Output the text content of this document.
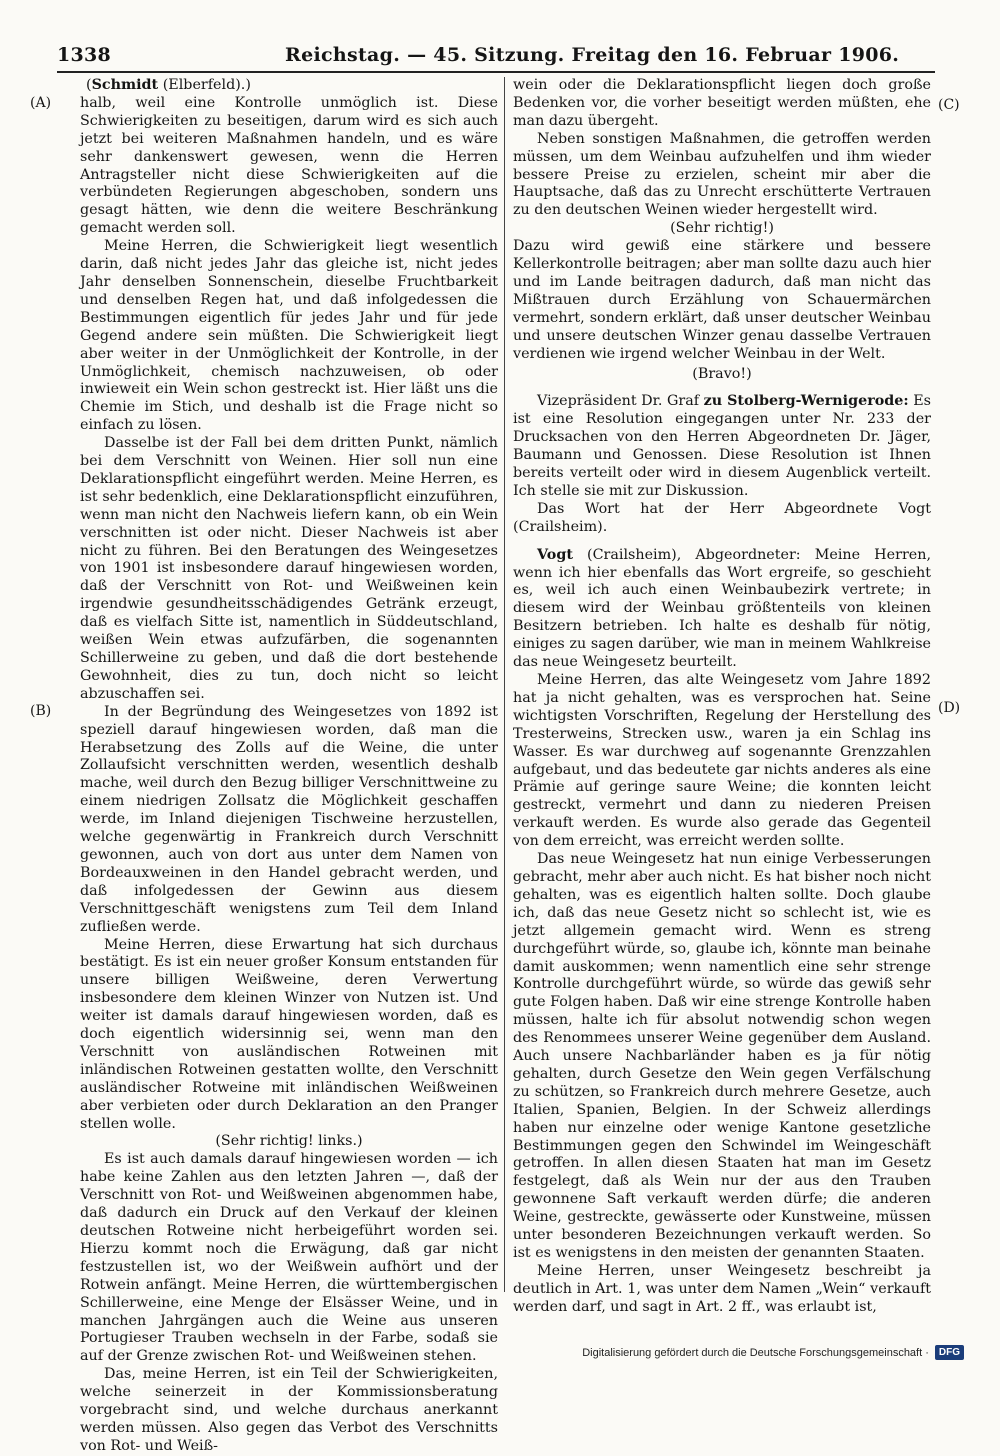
1338	Reichstag. — 45. Sitzung. Freitag den 16. Februar 1906.
(A)
(B)
(C)
(D)

(Schmidt (Elberfeld).)

halb, weil eine Kontrolle unmöglich ist. Diese Schwierigkeiten zu beseitigen, darum wird es sich auch jetzt bei weiteren Maßnahmen handeln, und es wäre sehr dankenswert gewesen, wenn die Herren Antragsteller nicht diese Schwierigkeiten auf die verbündeten Regierungen abgeschoben, sondern uns gesagt hätten, wie denn die weitere Beschränkung gemacht werden soll.

Meine Herren, die Schwierigkeit liegt wesentlich darin, daß nicht jedes Jahr das gleiche ist, nicht jedes Jahr denselben Sonnenschein, dieselbe Fruchtbarkeit und denselben Regen hat, und daß infolgedessen die Bestimmungen eigentlich für jedes Jahr und für jede Gegend andere sein müßten. Die Schwierigkeit liegt aber weiter in der Unmöglichkeit der Kontrolle, in der Unmöglichkeit, chemisch nachzuweisen, ob oder inwieweit ein Wein schon gestreckt ist. Hier läßt uns die Chemie im Stich, und deshalb ist die Frage nicht so einfach zu lösen.

Dasselbe ist der Fall bei dem dritten Punkt, nämlich bei dem Verschnitt von Weinen. Hier soll nun eine Deklarationspflicht eingeführt werden. Meine Herren, es ist sehr bedenklich, eine Deklarationspflicht einzuführen, wenn man nicht den Nachweis liefern kann, ob ein Wein verschnitten ist oder nicht. Dieser Nachweis ist aber nicht zu führen. Bei den Beratungen des Weingesetzes von 1901 ist insbesondere darauf hingewiesen worden, daß der Verschnitt von Rot- und Weißweinen kein irgendwie gesundheitsschädigendes Getränk erzeugt, daß es vielfach Sitte ist, namentlich in Süddeutschland, weißen Wein etwas aufzufärben, die sogenannten Schillerweine zu geben, und daß die dort bestehende Gewohnheit, dies zu tun, doch nicht so leicht abzuschaffen sei.

In der Begründung des Weingesetzes von 1892 ist speziell darauf hingewiesen worden, daß man die Herabsetzung des Zolls auf die Weine, die unter Zollaufsicht verschnitten werden, wesentlich deshalb mache, weil durch den Bezug billiger Verschnittweine zu einem niedrigen Zollsatz die Möglichkeit geschaffen werde, im Inland diejenigen Tischweine herzustellen, welche gegenwärtig in Frankreich durch Verschnitt gewonnen, auch von dort aus unter dem Namen von Bordeauxweinen in den Handel gebracht werden, und daß infolgedessen der Gewinn aus diesem Verschnittgeschäft wenigstens zum Teil dem Inland zufließen werde.

Meine Herren, diese Erwartung hat sich durchaus bestätigt. Es ist ein neuer großer Konsum entstanden für unsere billigen Weißweine, deren Verwertung insbesondere dem kleinen Winzer von Nutzen ist. Und weiter ist damals darauf hingewiesen worden, daß es doch eigentlich widersinnig sei, wenn man den Verschnitt von ausländischen Rotweinen mit inländischen Rotweinen gestatten wollte, den Verschnitt ausländischer Rotweine mit inländischen Weißweinen aber verbieten oder durch Deklaration an den Pranger stellen wolle.

(Sehr richtig! links.)

Es ist auch damals darauf hingewiesen worden — ich habe keine Zahlen aus den letzten Jahren —, daß der Verschnitt von Rot- und Weißweinen abgenommen habe, daß dadurch ein Druck auf den Verkauf der kleinen deutschen Rotweine nicht herbeigeführt worden sei. Hierzu kommt noch die Erwägung, daß gar nicht festzustellen ist, wo der Weißwein aufhört und der Rotwein anfängt. Meine Herren, die württembergischen Schillerweine, eine Menge der Elsässer Weine, und in manchen Jahrgängen auch die Weine aus unseren Portugieser Trauben wechseln in der Farbe, sodaß sie auf der Grenze zwischen Rot- und Weißweinen stehen.

Das, meine Herren, ist ein Teil der Schwierigkeiten, welche seinerzeit in der Kommissionsberatung vorgebracht sind, und welche durchaus anerkannt werden müssen. Also gegen das Verbot des Verschnitts von Rot- und Weiß-

wein oder die Deklarationspflicht liegen doch große Bedenken vor, die vorher beseitigt werden müßten, ehe man dazu übergeht.

Neben sonstigen Maßnahmen, die getroffen werden müssen, um dem Weinbau aufzuhelfen und ihm wieder bessere Preise zu erzielen, scheint mir aber die Hauptsache, daß das zu Unrecht erschütterte Vertrauen zu den deutschen Weinen wieder hergestellt wird.

(Sehr richtig!)

Dazu wird gewiß eine stärkere und bessere Kellerkontrolle beitragen; aber man sollte dazu auch hier und im Lande beitragen dadurch, daß man nicht das Mißtrauen durch Erzählung von Schauermärchen vermehrt, sondern erklärt, daß unser deutscher Weinbau und unsere deutschen Winzer genau dasselbe Vertrauen verdienen wie irgend welcher Weinbau in der Welt.

(Bravo!)

Vizepräsident Dr. Graf zu Stolberg-Wernigerode: Es ist eine Resolution eingegangen unter Nr. 233 der Drucksachen von den Herren Abgeordneten Dr. Jäger, Baumann und Genossen. Diese Resolution ist Ihnen bereits verteilt oder wird in diesem Augenblick verteilt. Ich stelle sie mit zur Diskussion.

Das Wort hat der Herr Abgeordnete Vogt (Crailsheim).

Vogt (Crailsheim), Abgeordneter: Meine Herren, wenn ich hier ebenfalls das Wort ergreife, so geschieht es, weil ich auch einen Weinbaubezirk vertrete; in diesem wird der Weinbau größtenteils von kleinen Besitzern betrieben. Ich halte es deshalb für nötig, einiges zu sagen darüber, wie man in meinem Wahlkreise das neue Weingesetz beurteilt.

Meine Herren, das alte Weingesetz vom Jahre 1892 hat ja nicht gehalten, was es versprochen hat. Seine wichtigsten Vorschriften, Regelung der Herstellung des Tresterweins, Strecken usw., waren ja ein Schlag ins Wasser. Es war durchweg auf sogenannte Grenzzahlen aufgebaut, und das bedeutete gar nichts anderes als eine Prämie auf geringe saure Weine; die konnten leicht gestreckt, vermehrt und dann zu niederen Preisen verkauft werden. Es wurde also gerade das Gegenteil von dem erreicht, was erreicht werden sollte.

Das neue Weingesetz hat nun einige Verbesserungen gebracht, mehr aber auch nicht. Es hat bisher noch nicht gehalten, was es eigentlich halten sollte. Doch glaube ich, daß das neue Gesetz nicht so schlecht ist, wie es jetzt allgemein gemacht wird. Wenn es streng durchgeführt würde, so, glaube ich, könnte man beinahe damit auskommen; wenn namentlich eine sehr strenge Kontrolle durchgeführt würde, so würde das gewiß sehr gute Folgen haben. Daß wir eine strenge Kontrolle haben müssen, halte ich für absolut notwendig schon wegen des Renommees unserer Weine gegenüber dem Ausland. Auch unsere Nachbarländer haben es ja für nötig gehalten, durch Gesetze den Wein gegen Verfälschung zu schützen, so Frankreich durch mehrere Gesetze, auch Italien, Spanien, Belgien. In der Schweiz allerdings haben nur einzelne oder wenige Kantone gesetzliche Bestimmungen gegen den Schwindel im Weingeschäft getroffen. In allen diesen Staaten hat man im Gesetz festgelegt, daß als Wein nur der aus den Trauben gewonnene Saft verkauft werden dürfe; die anderen Weine, gestreckte, gewässerte oder Kunstweine, müssen unter besonderen Bezeichnungen verkauft werden. So ist es wenigstens in den meisten der genannten Staaten.

Meine Herren, unser Weingesetz beschreibt ja deutlich in Art. 1, was unter dem Namen „Wein“ verkauft werden darf, und sagt in Art. 2 ff., was erlaubt ist,

Digitalisierung gefördert durch die Deutsche Forschungsgemeinschaft ·	DFG
